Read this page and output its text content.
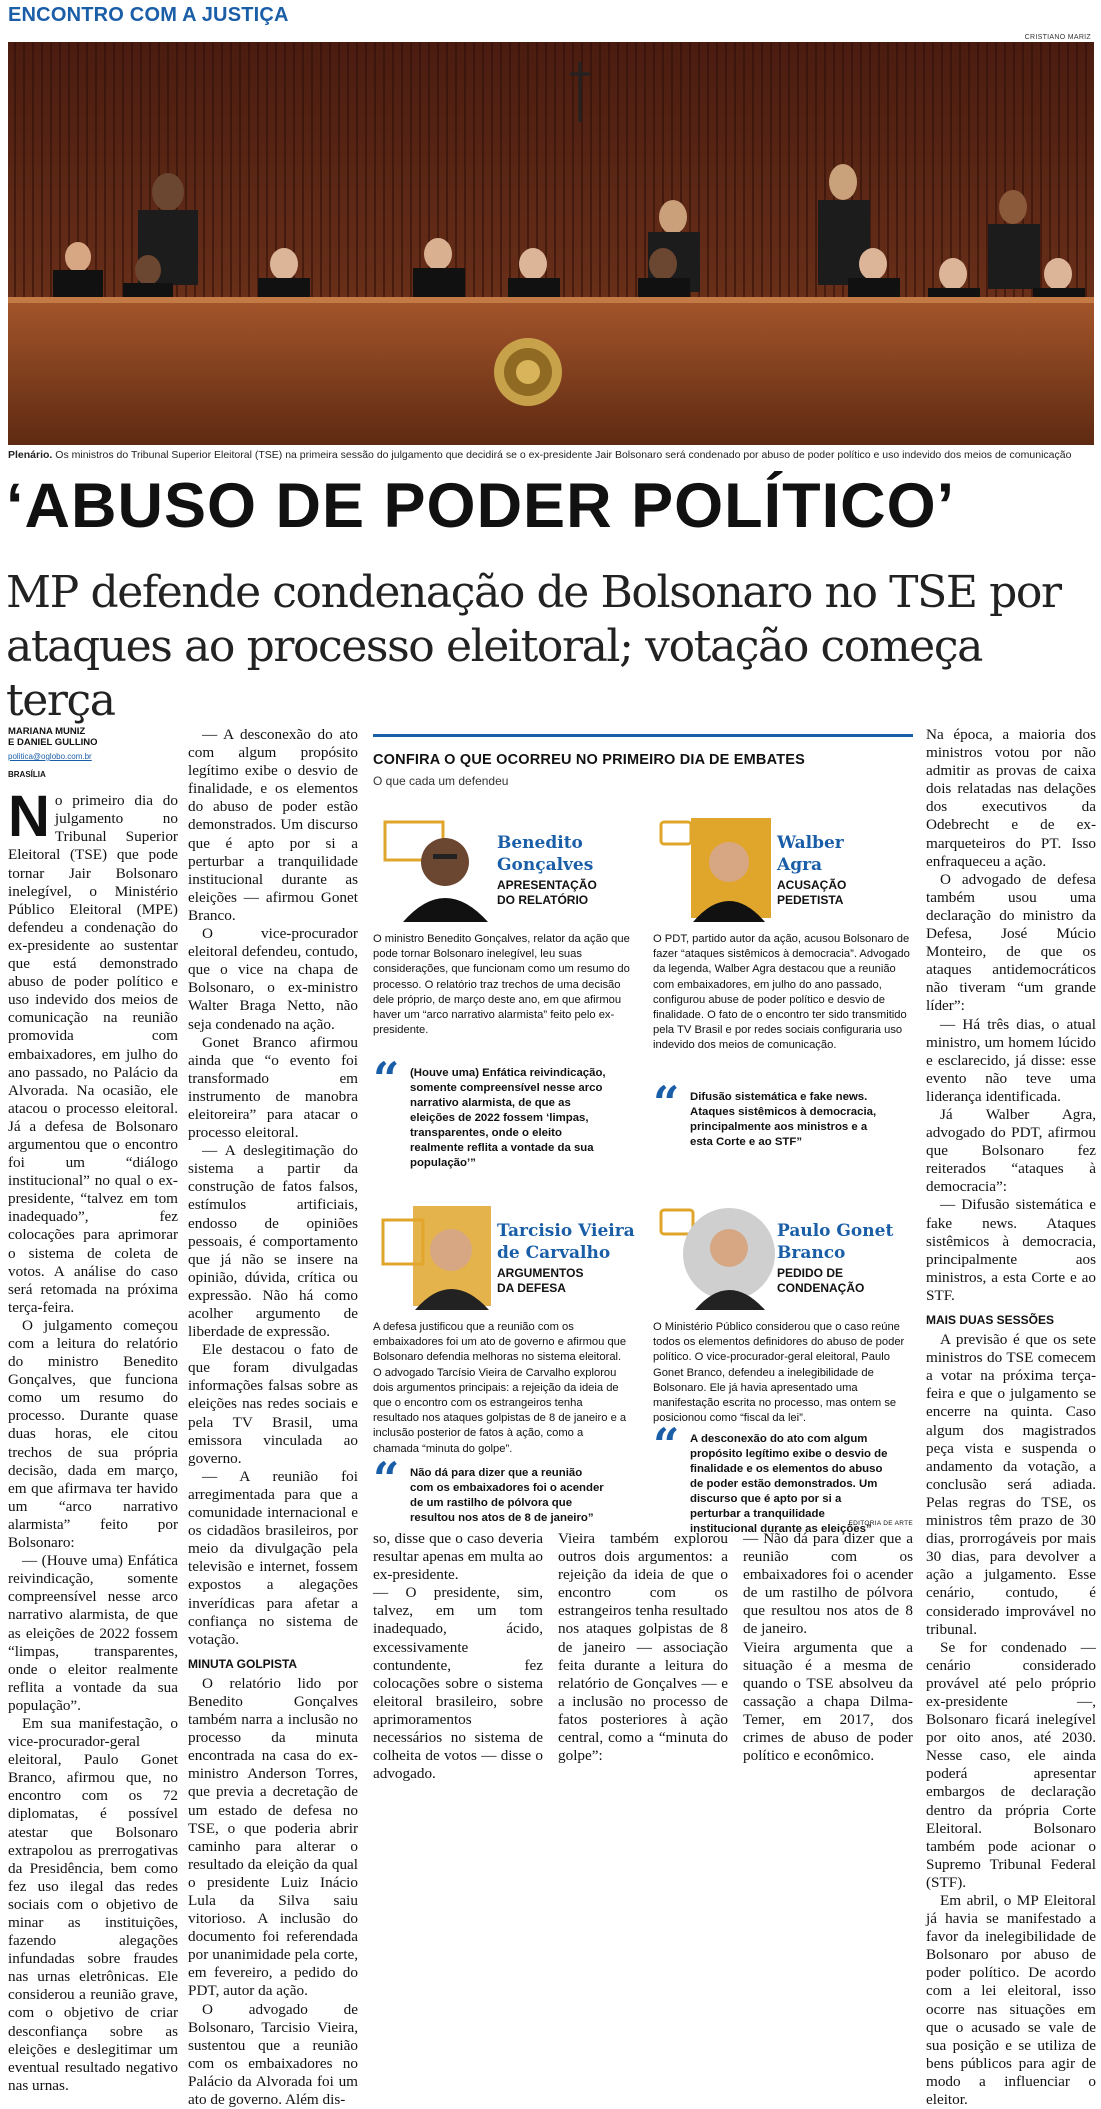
ENCONTRO COM A JUSTIÇA
CRISTIANO MARIZ
Plenário. Os ministros do Tribunal Superior Eleitoral (TSE) na primeira sessão do julgamento que decidirá se o ex-presidente Jair Bolsonaro será condenado por abuso de poder político e uso indevido dos meios de comunicação
‘ABUSO DE PODER POLÍTICO’
MP defende condenação de Bolsonaro no TSE por ataques ao processo eleitoral; votação começa terça
MARIANA MUNIZ
E DANIEL GULLINO
politica@oglobo.com.br
BRASÍLIA

No primeiro dia do julgamento no Tribunal Superior Eleitoral (TSE) que pode tornar Jair Bolsonaro inelegível, o Ministério Público Eleitoral (MPE) defendeu a condenação do ex-presidente ao sustentar que está demonstrado abuso de poder político e uso indevido dos meios de comunicação na reunião promovida com embaixadores, em julho do ano passado, no Palácio da Alvorada. Na ocasião, ele atacou o processo eleitoral. Já a defesa de Bolsonaro argumentou que o encontro foi um “diálogo institucional” no qual o ex-presidente, “talvez em tom inadequado”, fez colocações para aprimorar o sistema de coleta de votos. A análise do caso será retomada na próxima terça-feira.

O julgamento começou com a leitura do relatório do ministro Benedito Gonçalves, que funciona como um resumo do processo. Durante quase duas horas, ele citou trechos de sua própria decisão, dada em março, em que afirmava ter havido um “arco narrativo alarmista” feito por Bolsonaro:

— (Houve uma) Enfática reivindicação, somente compreensível nesse arco narrativo alarmista, de que as eleições de 2022 fossem “limpas, transparentes, onde o eleitor realmente reflita a vontade da sua população”.

Em sua manifestação, o vice-procurador-geral eleitoral, Paulo Gonet Branco, afirmou que, no encontro com os 72 diplomatas, é possível atestar que Bolsonaro extrapolou as prerrogativas da Presidência, bem como fez uso ilegal das redes sociais com o objetivo de minar as instituições, fazendo alegações infundadas sobre fraudes nas urnas eletrônicas. Ele considerou a reunião grave, com o objetivo de criar desconfiança sobre as eleições e deslegitimar um eventual resultado negativo nas urnas.

— A desconexão do ato com algum propósito legítimo exibe o desvio de finalidade, e os elementos do abuso de poder estão demonstrados. Um discurso que é apto por si a perturbar a tranquilidade institucional durante as eleições — afirmou Gonet Branco.

O vice-procurador eleitoral defendeu, contudo, que o vice na chapa de Bolsonaro, o ex-ministro Walter Braga Netto, não seja condenado na ação.

Gonet Branco afirmou ainda que “o evento foi transformado em instrumento de manobra eleitoreira” para atacar o processo eleitoral.

— A deslegitimação do sistema a partir da construção de fatos falsos, estímulos artificiais, endosso de opiniões pessoais, é comportamento que já não se insere na opinião, dúvida, crítica ou expressão. Não há como acolher argumento de liberdade de expressão.

Ele destacou o fato de que foram divulgadas informações falsas sobre as eleições nas redes sociais e pela TV Brasil, uma emissora vinculada ao governo.

— A reunião foi arregimentada para que a comunidade internacional e os cidadãos brasileiros, por meio da divulgação pela televisão e internet, fossem expostos a alegações inverídicas para afetar a confiança no sistema de votação.

MINUTA GOLPISTA

O relatório lido por Benedito Gonçalves também narra a inclusão no processo da minuta encontrada na casa do ex-ministro Anderson Torres, que previa a decretação de um estado de defesa no TSE, o que poderia abrir caminho para alterar o resultado da eleição da qual o presidente Luiz Inácio Lula da Silva saiu vitorioso. A inclusão do documento foi referendada por unanimidade pela corte, em fevereiro, a pedido do PDT, autor da ação.

O advogado de Bolsonaro, Tarcisio Vieira, sustentou que a reunião com os embaixadores no Palácio da Alvorada foi um ato de governo. Além dis-

CONFIRA O QUE OCORREU NO PRIMEIRO DIA DE EMBATES
O que cada um defendeu
Benedito
Gonçalves
APRESENTAÇÃO
DO RELATÓRIO
O ministro Benedito Gonçalves, relator da ação que pode tornar Bolsonaro inelegível, leu suas considerações, que funcionam como um resumo do processo. O relatório traz trechos de uma decisão dele próprio, de março deste ano, em que afirmou haver um “arco narrativo alarmista” feito pelo ex-presidente.
“ (Houve uma) Enfática reivindicação, somente compreensível nesse arco narrativo alarmista, de que as eleições de 2022 fossem ‘limpas, transparentes, onde o eleito realmente reflita a vontade da sua população’”
Walber
Agra
ACUSAÇÃO
PEDETISTA
O PDT, partido autor da ação, acusou Bolsonaro de fazer “ataques sistêmicos à democracia”. Advogado da legenda, Walber Agra destacou que a reunião com embaixadores, em julho do ano passado, configurou abuse de poder político e desvio de finalidade. O fato de o encontro ter sido transmitido pela TV Brasil e por redes sociais configuraria uso indevido dos meios de comunicação.
“ Difusão sistemática e fake news. Ataques sistêmicos à democracia, principalmente aos ministros e a esta Corte e ao STF”
Tarcisio Vieira
de Carvalho
ARGUMENTOS
DA DEFESA
A defesa justificou que a reunião com os embaixadores foi um ato de governo e afirmou que Bolsonaro defendia melhoras no sistema eleitoral. O advogado Tarcísio Vieira de Carvalho explorou dois argumentos principais: a rejeição da ideia de que o encontro com os estrangeiros tenha resultado nos ataques golpistas de 8 de janeiro e a inclusão posterior de fatos à ação, como a chamada “minuta do golpe”.
“ Não dá para dizer que a reunião com os embaixadores foi o acender de um rastilho de pólvora que resultou nos atos de 8 de janeiro”
Paulo Gonet
Branco
PEDIDO DE
CONDENAÇÃO
O Ministério Público considerou que o caso reúne todos os elementos definidores do abuso de poder político. O vice-procurador-geral eleitoral, Paulo Gonet Branco, defendeu a inelegibilidade de Bolsonaro. Ele já havia apresentado uma manifestação escrita no processo, mas ontem se posicionou como “fiscal da lei”.
“ A desconexão do ato com algum propósito legítimo exibe o desvio de finalidade e os elementos do abuso de poder estão demonstrados. Um discurso que é apto por si a perturbar a tranquilidade institucional durante as eleições”
EDITORIA DE ARTE
so, disse que o caso deveria resultar apenas em multa ao ex-presidente.
— O presidente, sim, talvez, em um tom inadequado, ácido, excessivamente contundente, fez colocações sobre o sistema eleitoral brasileiro, sobre aprimoramentos necessários no sistema de colheita de votos — disse o advogado.
Vieira também explorou outros dois argumentos: a rejeição da ideia de que o encontro com os estrangeiros tenha resultado nos ataques golpistas de 8 de janeiro — associação feita durante a leitura do relatório de Gonçalves — e a inclusão no processo de fatos posteriores à ação central, como a “minuta do golpe”:
— Não dá para dizer que a reunião com os embaixadores foi o acender de um rastilho de pólvora que resultou nos atos de 8 de janeiro.
Vieira argumenta que a situação é a mesma de quando o TSE absolveu da cassação a chapa Dilma-Temer, em 2017, dos crimes de abuso de poder político e econômico.

Na época, a maioria dos ministros votou por não admitir as provas de caixa dois relatadas nas delações dos executivos da Odebrecht e de ex-marqueteiros do PT. Isso enfraqueceu a ação.

O advogado de defesa também usou uma declaração do ministro da Defesa, José Múcio Monteiro, de que os ataques antidemocráticos não tiveram “um grande líder”:

— Há três dias, o atual ministro, um homem lúcido e esclarecido, já disse: esse evento não teve uma liderança identificada.

Já Walber Agra, advogado do PDT, afirmou que Bolsonaro fez reiterados “ataques à democracia”:

— Difusão sistemática e fake news. Ataques sistêmicos à democracia, principalmente aos ministros, a esta Corte e ao STF.

MAIS DUAS SESSÕES

A previsão é que os sete ministros do TSE comecem a votar na próxima terça-feira e que o julgamento se encerre na quinta. Caso algum dos magistrados peça vista e suspenda o andamento da votação, a conclusão será adiada. Pelas regras do TSE, os ministros têm prazo de 30 dias, prorrogáveis por mais 30 dias, para devolver a ação a julgamento. Esse cenário, contudo, é considerado improvável no tribunal.

Se for condenado — cenário considerado provável até pelo próprio ex-presidente —, Bolsonaro ficará inelegível por oito anos, até 2030. Nesse caso, ele ainda poderá apresentar embargos de declaração dentro da própria Corte Eleitoral. Bolsonaro também pode acionar o Supremo Tribunal Federal (STF).

Em abril, o MP Eleitoral já havia se manifestado a favor da inelegibilidade de Bolsonaro por abuso de poder político. De acordo com a lei eleitoral, isso ocorre nas situações em que o acusado se vale de sua posição e se utiliza de bens públicos para agir de modo a influenciar o eleitor.
